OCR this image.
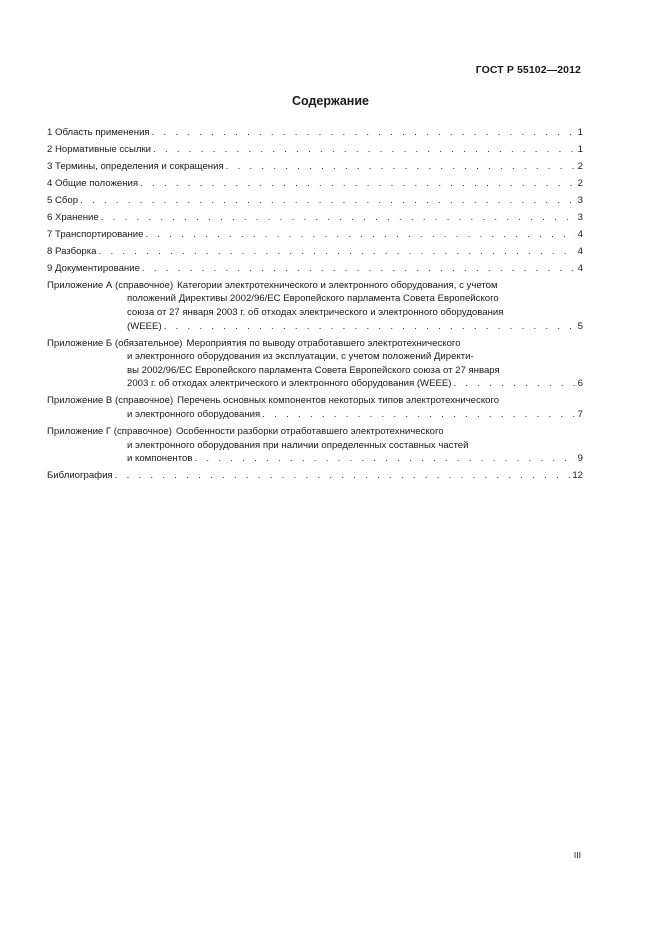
ГОСТ Р 55102—2012
Содержание
1 Область применения . . .	1
2 Нормативные ссылки . . .	1
3 Термины, определения и сокращения . . .	2
4 Общие положения . . .	2
5 Сбор . . .	3
6 Хранение . . .	3
7 Транспортирование . . .	4
8 Разборка . . .	4
9 Документирование . . .	4
Приложение А (справочное) Категории электротехнического и электронного оборудования, с учетом
положений Директивы 2002/96/ЕС Европейского парламента Совета Европейского
союза от 27 января 2003 г. об отходах электрического и электронного оборудования
(WEEE) . . .	5
Приложение Б (обязательное) Мероприятия по выводу отработавшего электротехнического
и электронного оборудования из эксплуатации, с учетом положений Директи-
вы 2002/96/ЕС Европейского парламента Совета Европейского союза от 27 января
2003 г. об отходах электрического и электронного оборудования (WEEE) . . .	6
Приложение В (справочное) Перечень основных компонентов некоторых типов электротехнического
и электронного оборудования . . .	7
Приложение Г (справочное) Особенности разборки отработавшего электротехнического
и электронного оборудования при наличии определенных составных частей
и компонентов . . .	9
Библиография . . .	12
III
